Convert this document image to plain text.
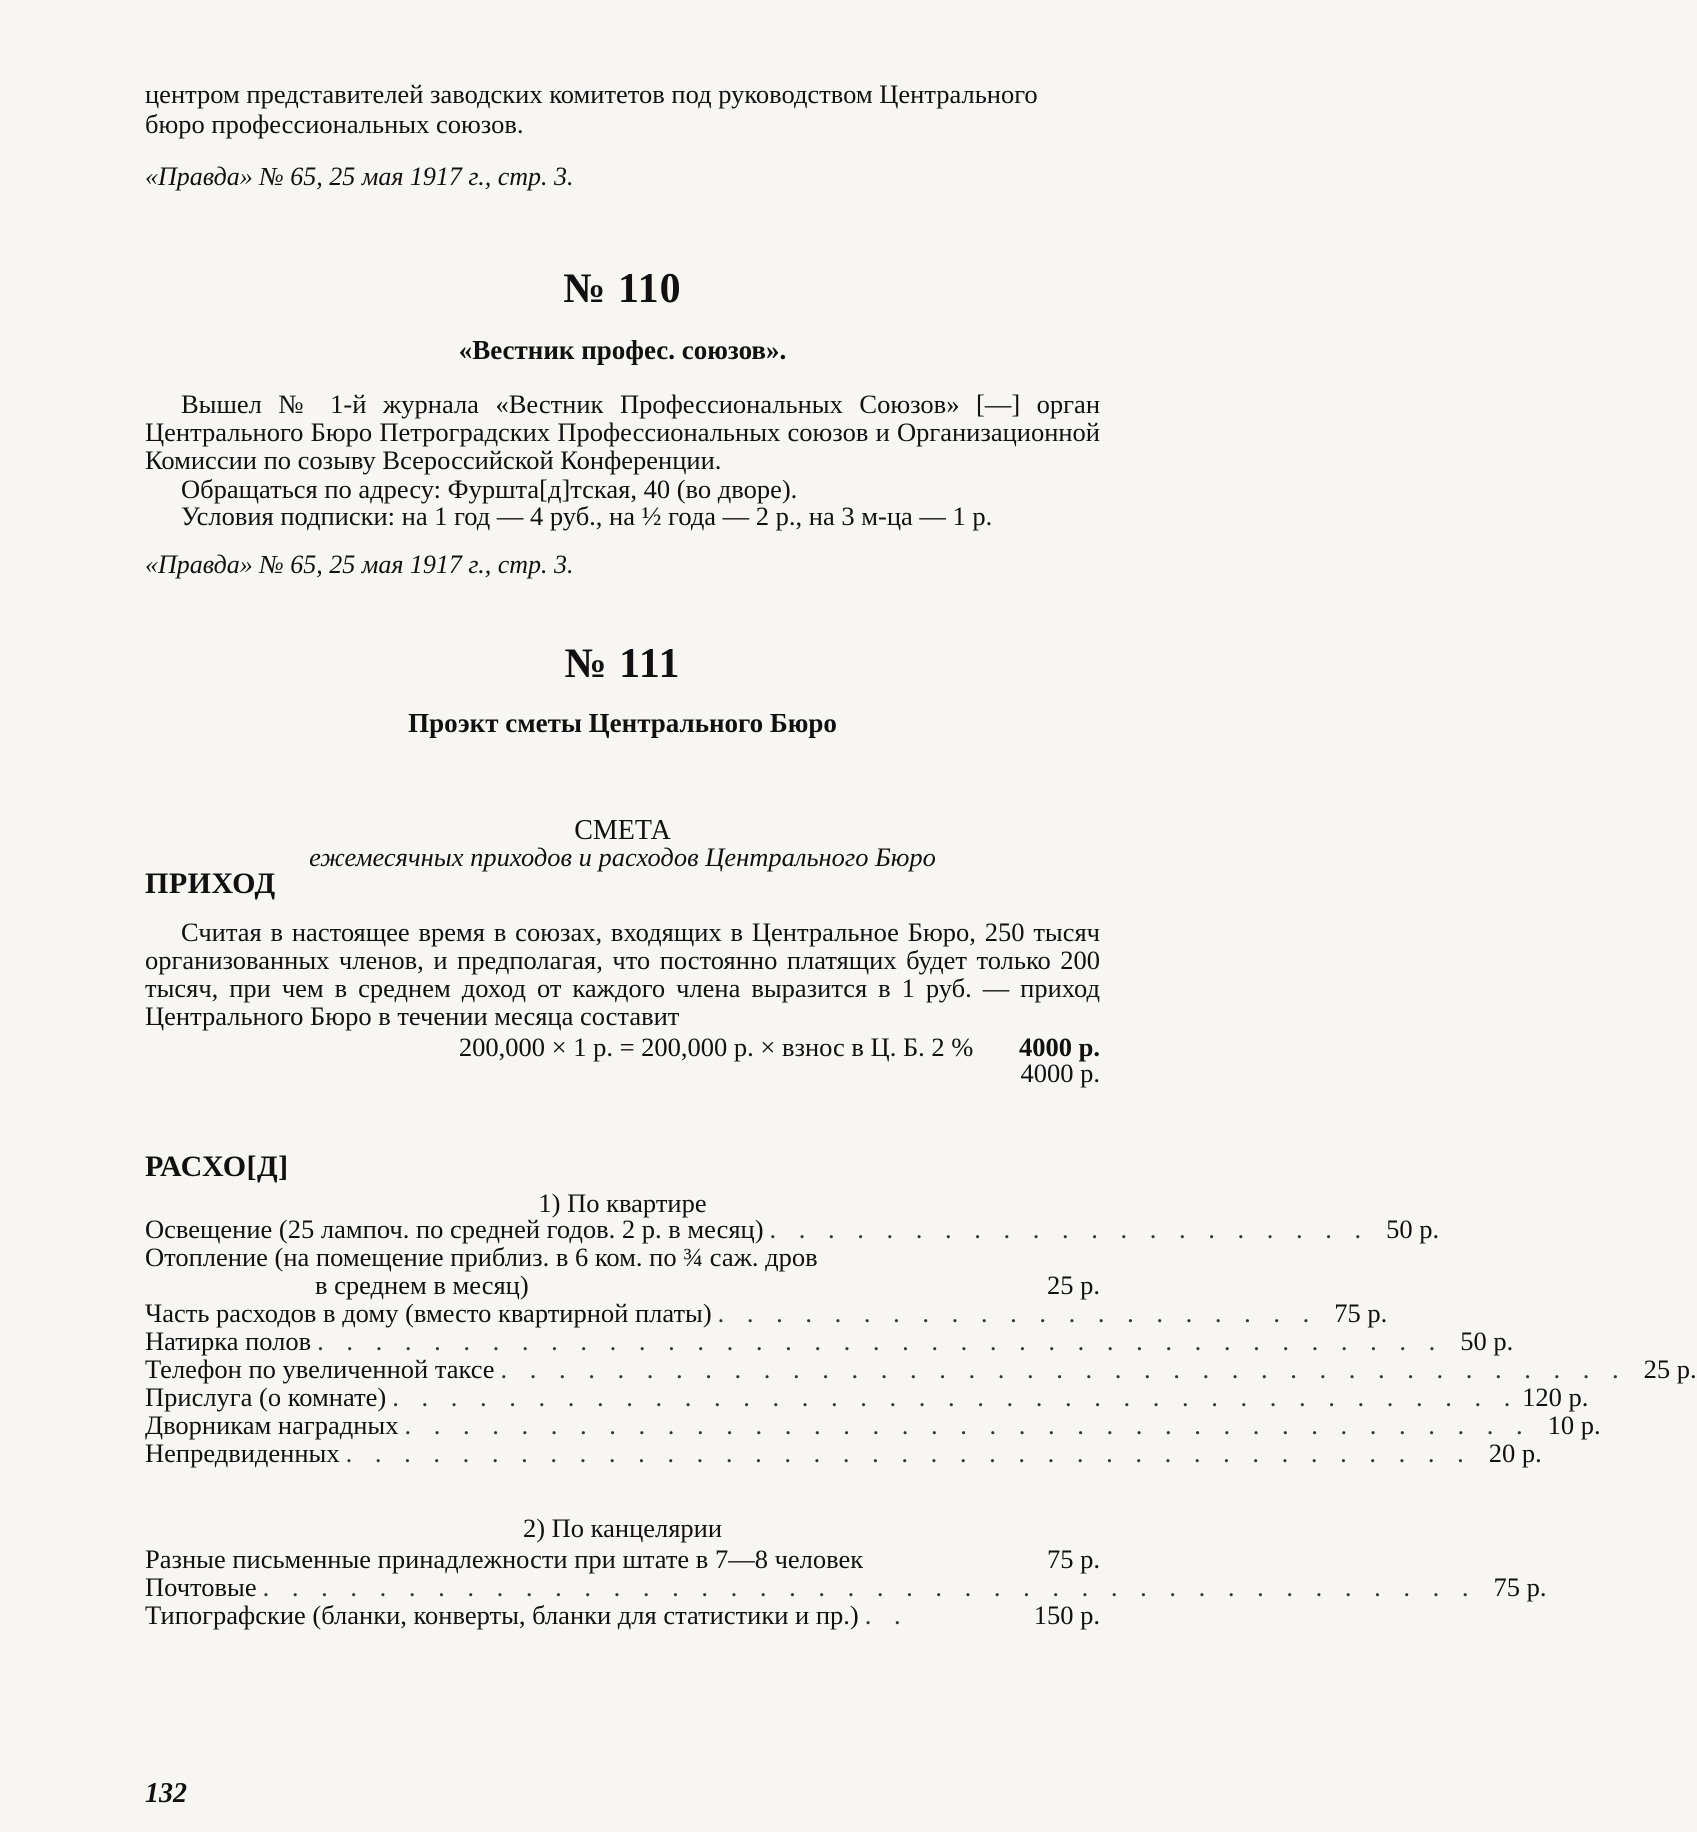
центром представителей заводских комитетов под руководством Центрального

бюро профессиональных союзов.

«Правда» № 65, 25 мая 1917 г., стр. 3.

№ 110

«Вестник профес. союзов».

Вышел № 1-й журнала «Вестник Профессиональных Союзов» [—] орган Центрального Бюро Петроградских Профессиональных союзов и Организационной Комиссии по созыву Всероссийской Конференции.

Обращаться по адресу: Фуршта[д]тская, 40 (во дворе).

Условия подписки: на 1 год — 4 руб., на ½ года — 2 р., на 3 м-ца — 1 р.

«Правда» № 65, 25 мая 1917 г., стр. 3.

№ 111

Проэкт сметы Центрального Бюро

СМЕТА

ежемесячных приходов и расходов Центрального Бюро

ПРИХОД

Считая в настоящее время в союзах, входящих в Центральное Бюро, 250 тысяч организованных членов, и предполагая, что постоянно платящих будет только 200 тысяч, при чем в среднем доход от каждого члена выразится в 1 руб. — приход Центрального Бюро в течении месяца составит

200,000 × 1 р. = 200,000 р. × взнос в Ц. Б. 2 % 4000 р.
4000 р.

РАСХО[Д]

1) По квартире

Освещение (25 лампоч. по средней годов. 2 р. в месяц) . . . . . . . . . . . . . . . . . . . . . 50 р.
Отопление (на помещение приблиз. в 6 ком. по ¾ саж. дров
в среднем в месяц)	25 р.
Часть расходов в дому (вместо квартирной платы) . . . . . . . . . . . . . . . . . . . . . 75 р.
Натирка полов . . . . . . . . . . . . . . . . . . . . . . . . . . . . . . . . . . . . . . . 50 р.
Телефон по увеличенной таксе . . . . . . . . . . . . . . . . . . . . . . . . . . . . . . . . . . . . . . . 25 р.
Прислуга (о комнате) . . . . . . . . . . . . . . . . . . . . . . . . . . . . . . . . . . . . . . . 120 р.
Дворникам наградных . . . . . . . . . . . . . . . . . . . . . . . . . . . . . . . . . . . . . . . 10 р.
Непредвиденных . . . . . . . . . . . . . . . . . . . . . . . . . . . . . . . . . . . . . . . 20 р.

2) По канцелярии

Разные письменные принадлежности при штате в 7—8 человек	75 р.
Почтовые . . . . . . . . . . . . . . . . . . . . . . . . . . . . . . . . . . . . . . . . . . 75 р.
Типографские (бланки, конверты, бланки для статистики и пр.) . .	150 р.
132
